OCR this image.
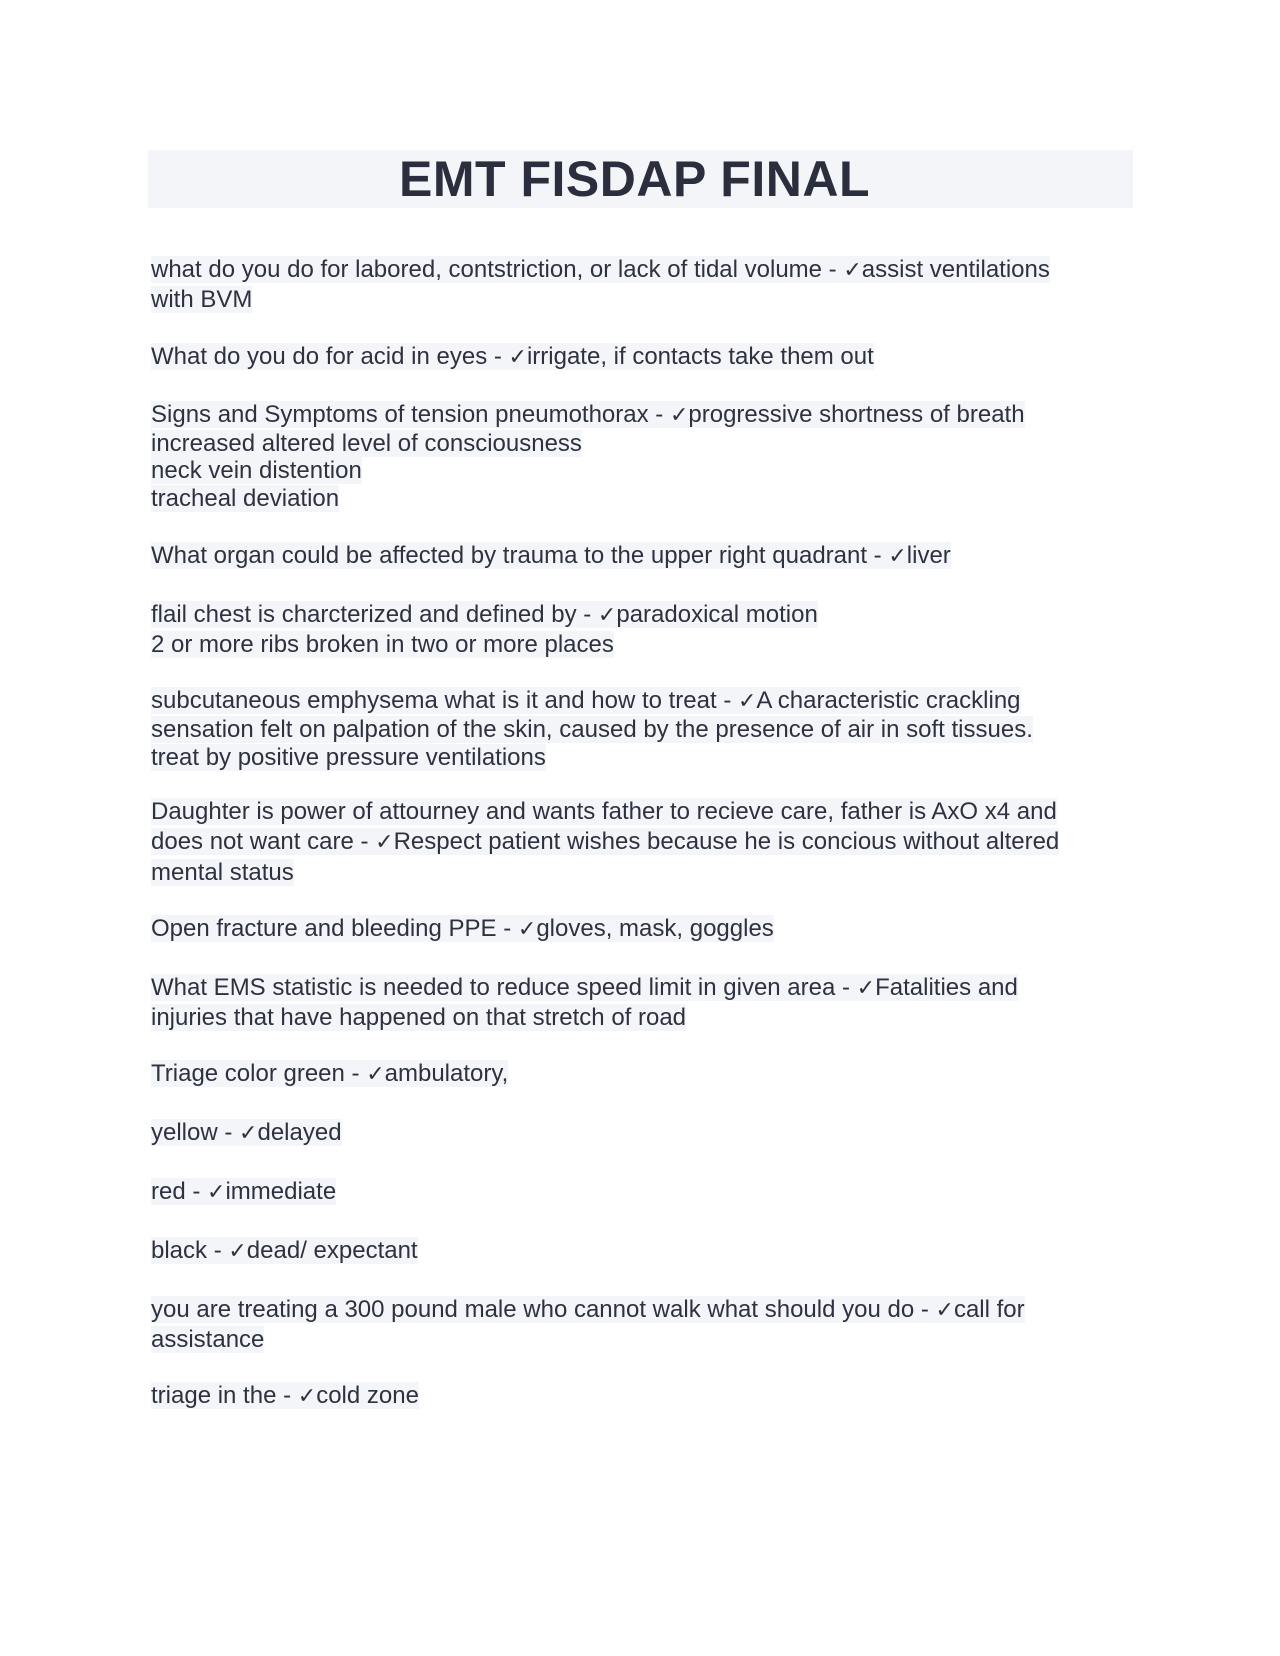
EMT FISDAP FINAL
what do you do for labored, contstriction, or lack of tidal volume - ✓assist ventilations
with BVM
What do you do for acid in eyes - ✓irrigate, if contacts take them out
Signs and Symptoms of tension pneumothorax - ✓progressive shortness of breath
increased altered level of consciousness
neck vein distention
tracheal deviation
What organ could be affected by trauma to the upper right quadrant - ✓liver
flail chest is charcterized and defined by - ✓paradoxical motion
2 or more ribs broken in two or more places
subcutaneous emphysema what is it and how to treat - ✓A characteristic crackling
sensation felt on palpation of the skin, caused by the presence of air in soft tissues.
treat by positive pressure ventilations
Daughter is power of attourney and wants father to recieve care, father is AxO x4 and
does not want care - ✓Respect patient wishes because he is concious without altered
mental status
Open fracture and bleeding PPE - ✓gloves, mask, goggles
What EMS statistic is needed to reduce speed limit in given area - ✓Fatalities and
injuries that have happened on that stretch of road
Triage color green - ✓ambulatory,
yellow - ✓delayed
red - ✓immediate
black - ✓dead/ expectant
you are treating a 300 pound male who cannot walk what should you do - ✓call for
assistance
triage in the - ✓cold zone
